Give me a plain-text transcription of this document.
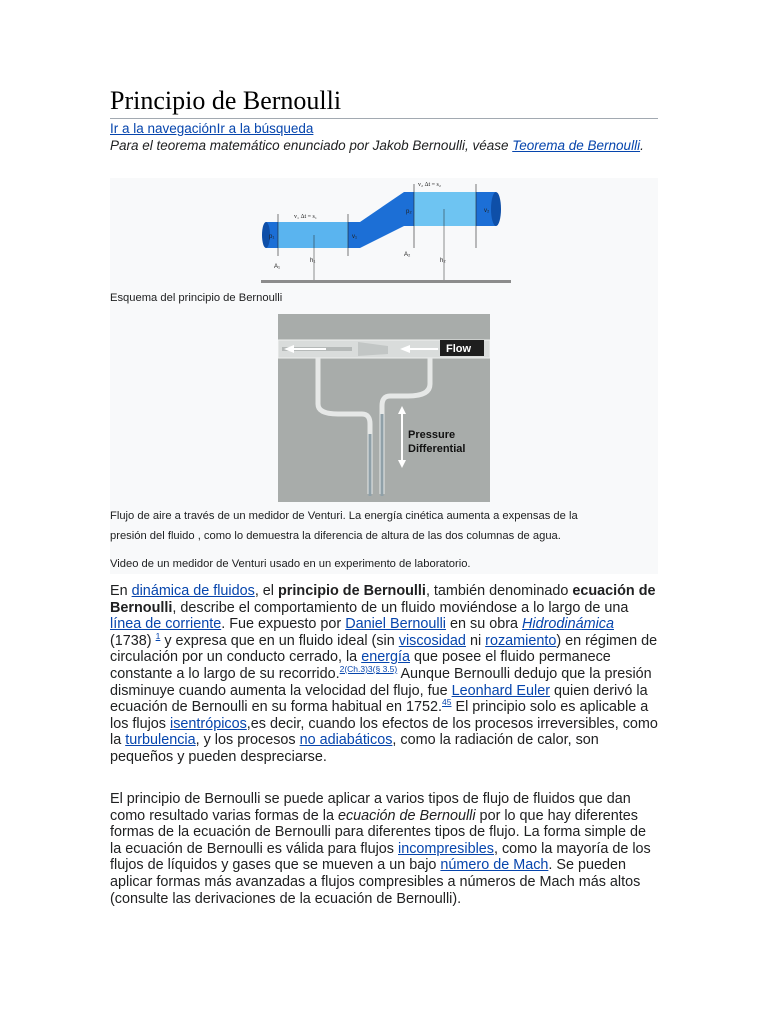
Principio de Bernoulli
Ir a la navegaciónIr a la búsqueda
Para el teorema matemático enunciado por Jakob Bernoulli, véase Teorema de Bernoulli.
v₂ Δt = s₂
v₁ Δt = s₁
p₁	v₁
p₂	v₂
A₁
A₂
h₁	h₂
Esquema del principio de Bernoulli
Flow
Pressure
Differential
Flujo de aire a través de un medidor de Venturi. La energía cinética aumenta a expensas de la
presión del fluido , como lo demuestra la diferencia de altura de las dos columnas de agua.
Video de un medidor de Venturi usado en un experimento de laboratorio.

En dinámica de fluidos, el principio de Bernoulli, también denominado ecuación de Bernoulli, describe el comportamiento de un fluido moviéndose a lo largo de una línea de corriente. Fue expuesto por Daniel Bernoulli en su obra Hidrodinámica (1738) $^1$ y expresa que en un fluido ideal (sin viscosidad ni rozamiento) en régimen de circulación por un conducto cerrado, la energía que posee el fluido permanece constante a lo largo de su recorrido.$^{2(Ch.3)3(\S 3.5)}$ Aunque Bernoulli dedujo que la presión disminuye cuando aumenta la velocidad del flujo, fue Leonhard Euler quien derivó la ecuación de Bernoulli en su forma habitual en 1752.45 El principio solo es aplicable a los flujos isentrópicos,es decir, cuando los efectos de los procesos irreversibles, como la turbulencia, y los procesos no adiabáticos, como la radiación de calor, son pequeños y pueden despreciarse.

El principio de Bernoulli se puede aplicar a varios tipos de flujo de fluidos que dan como resultado varias formas de la ecuación de Bernoulli por lo que hay diferentes formas de la ecuación de Bernoulli para diferentes tipos de flujo. La forma simple de la ecuación de Bernoulli es válida para flujos incompresibles, como la mayoría de los flujos de líquidos y gases que se mueven a un bajo número de Mach. Se pueden aplicar formas más avanzadas a flujos compresibles a números de Mach más altos (consulte las derivaciones de la ecuación de Bernoulli).
